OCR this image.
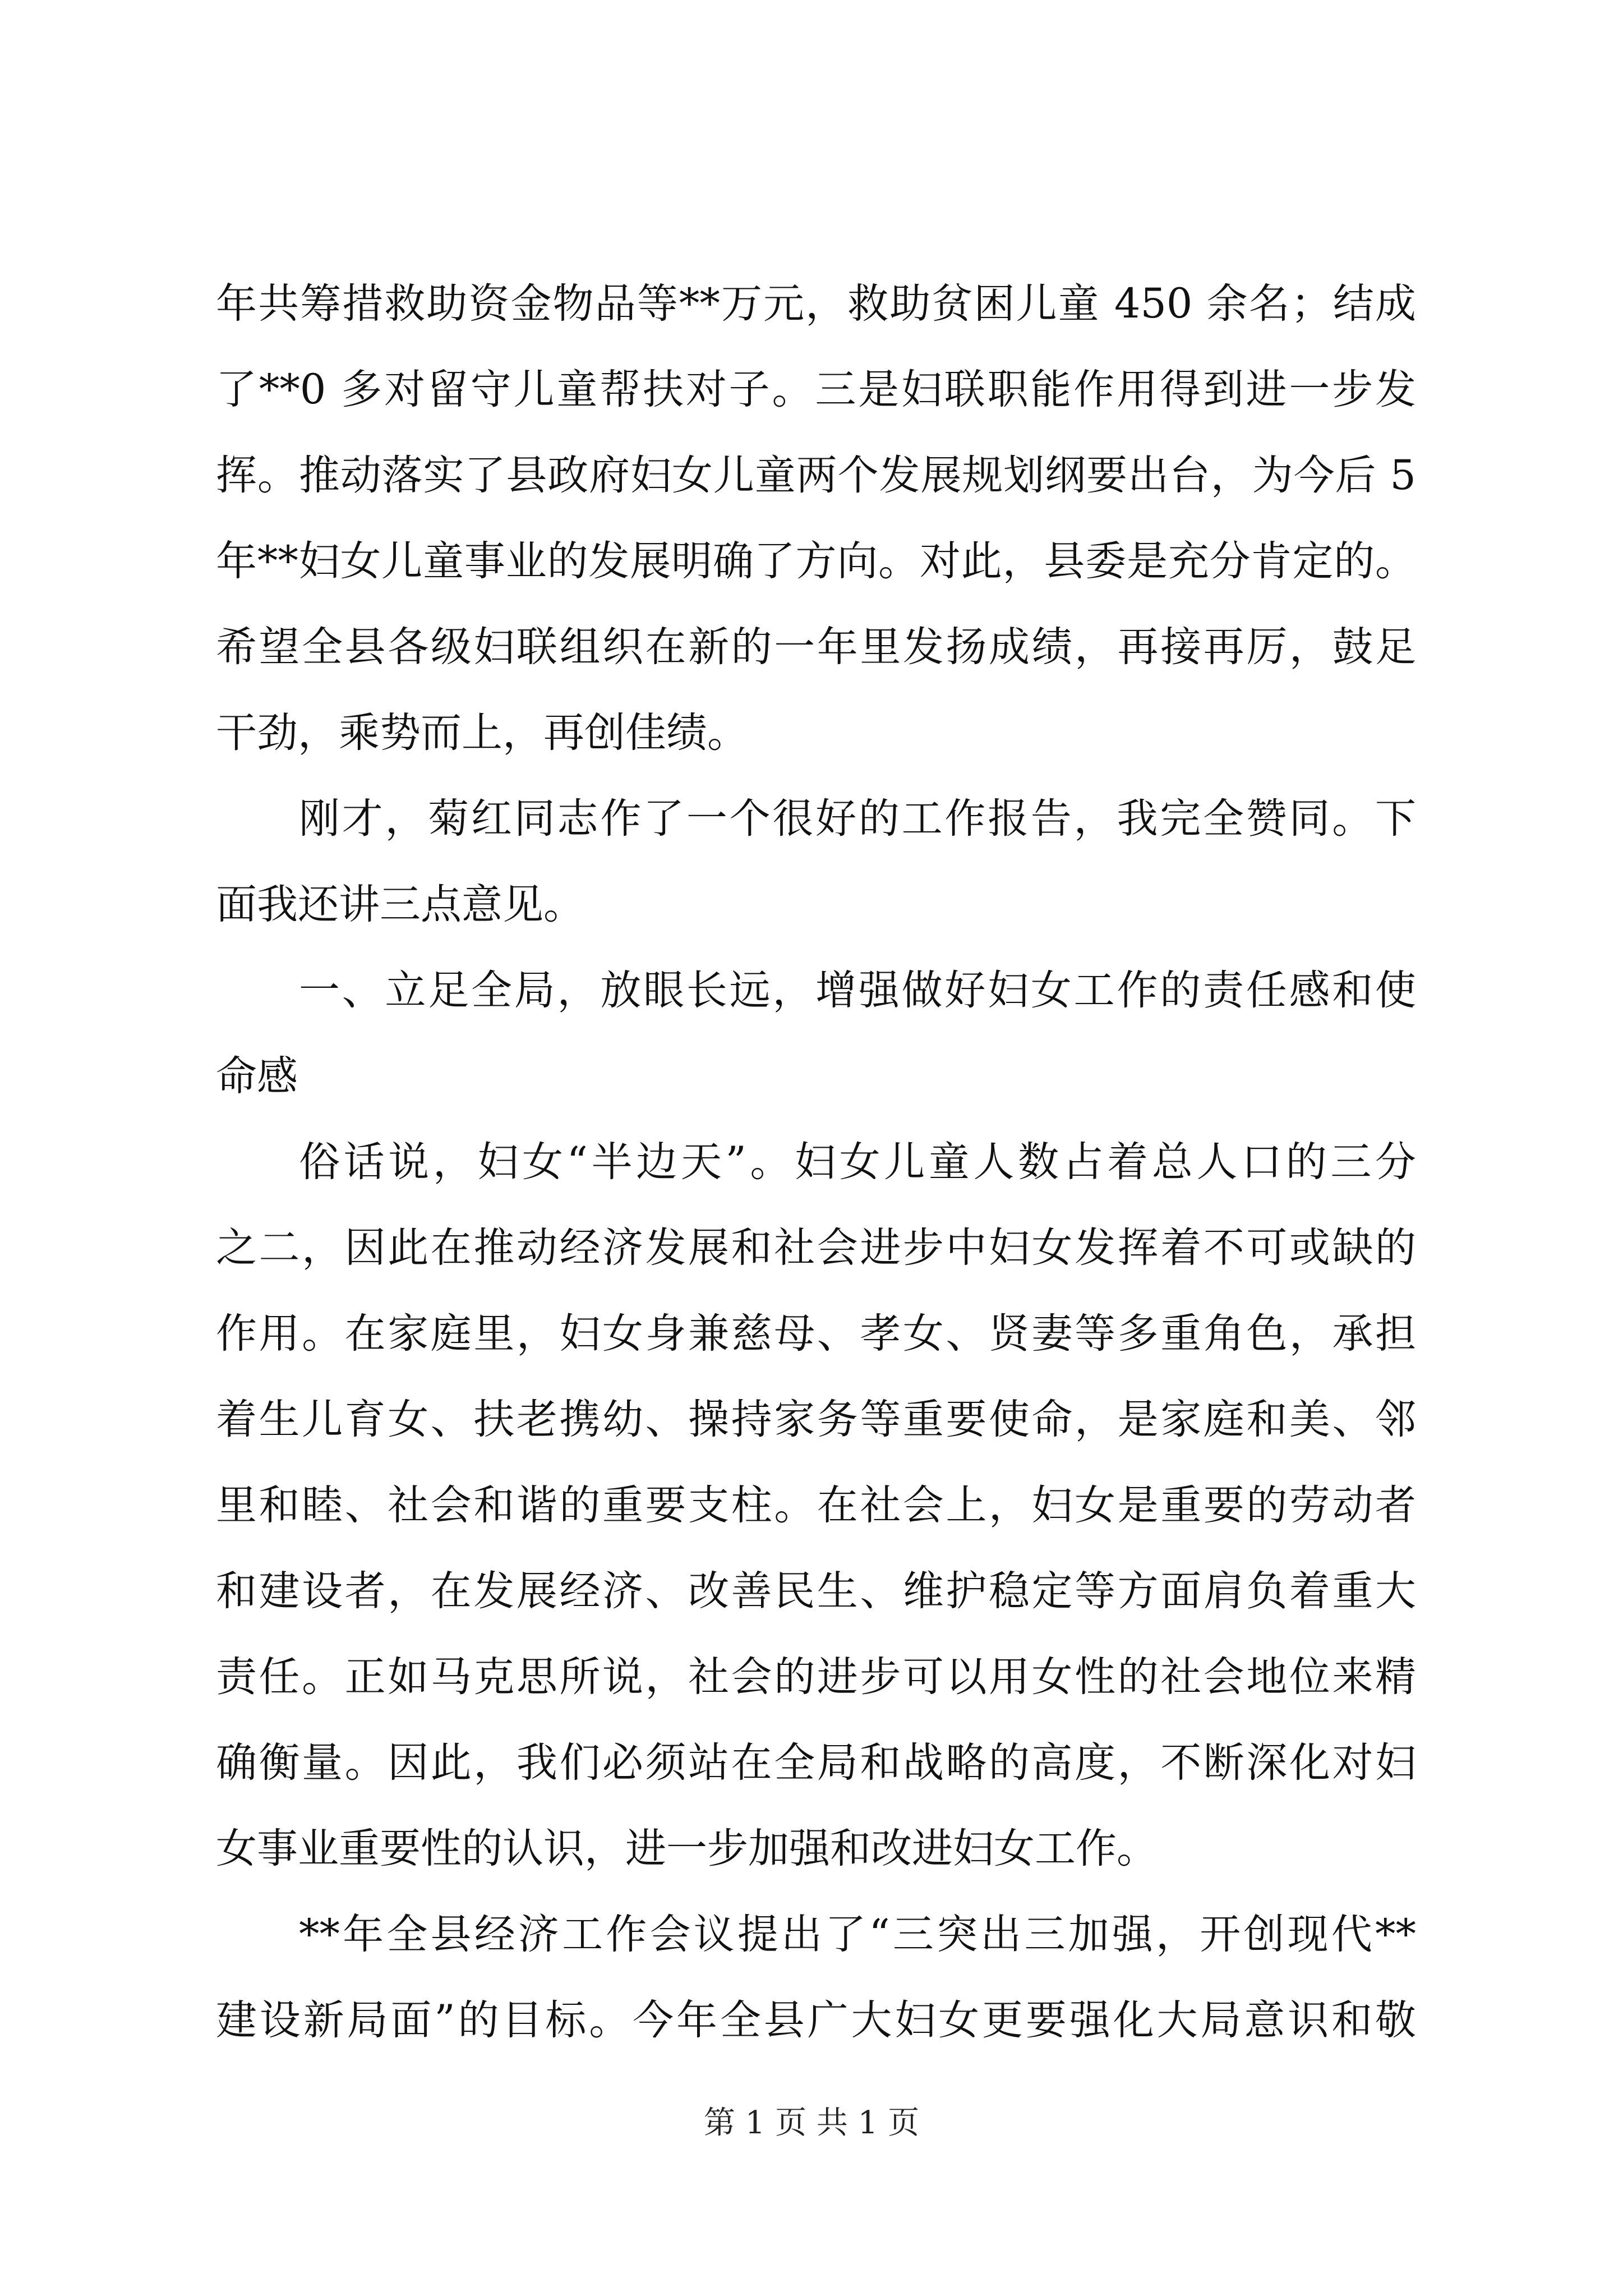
年共筹措救助资金物品等**万元，救助贫困儿童 450 余名；结成
了**0 多对留守儿童帮扶对子。三是妇联职能作用得到进一步发
挥。推动落实了县政府妇女儿童两个发展规划纲要出台，为今后 5
年**妇女儿童事业的发展明确了方向。对此，县委是充分肯定的。
希望全县各级妇联组织在新的一年里发扬成绩，再接再厉，鼓足
干劲，乘势而上，再创佳绩。
刚才，菊红同志作了一个很好的工作报告，我完全赞同。下
面我还讲三点意见。
一、立足全局，放眼长远，增强做好妇女工作的责任感和使
命感
俗话说，妇女“半边天”。妇女儿童人数占着总人口的三分
之二，因此在推动经济发展和社会进步中妇女发挥着不可或缺的
作用。在家庭里，妇女身兼慈母、孝女、贤妻等多重角色，承担
着生儿育女、扶老携幼、操持家务等重要使命，是家庭和美、邻
里和睦、社会和谐的重要支柱。在社会上，妇女是重要的劳动者
和建设者，在发展经济、改善民生、维护稳定等方面肩负着重大
责任。正如马克思所说，社会的进步可以用女性的社会地位来精
确衡量。因此，我们必须站在全局和战略的高度，不断深化对妇
女事业重要性的认识，进一步加强和改进妇女工作。
**年全县经济工作会议提出了“三突出三加强，开创现代**
建设新局面”的目标。今年全县广大妇女更要强化大局意识和敬
第 1 页 共 1 页
